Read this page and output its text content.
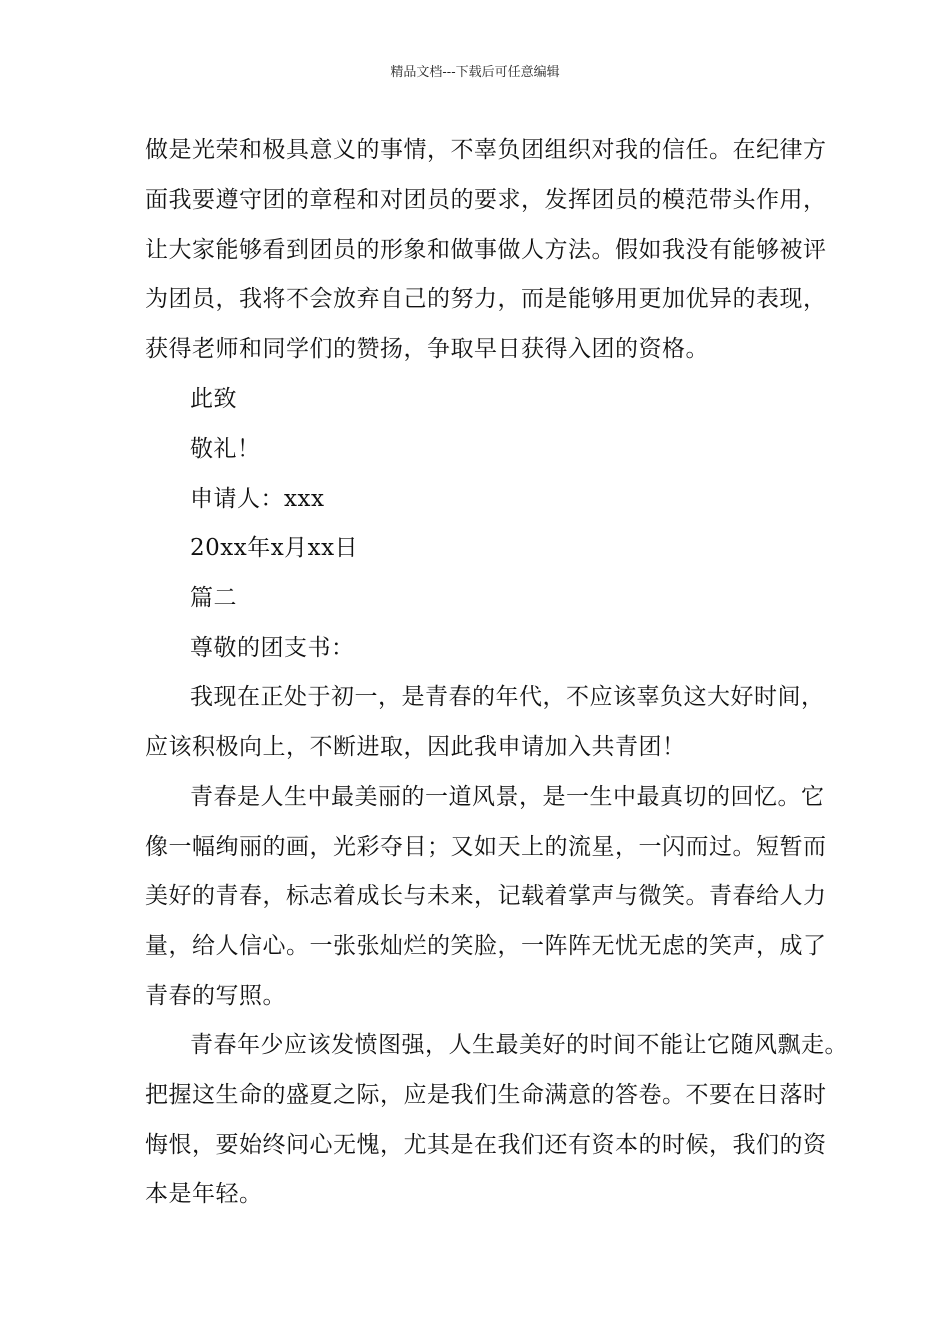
精品文档---下载后可任意编辑
做是光荣和极具意义的事情，不辜负团组织对我的信任。在纪律方
面我要遵守团的章程和对团员的要求，发挥团员的模范带头作用，
让大家能够看到团员的形象和做事做人方法。假如我没有能够被评
为团员，我将不会放弃自己的努力，而是能够用更加优异的表现，
获得老师和同学们的赞扬，争取早日获得入团的资格。
此致
敬礼！
申请人：xxx
20xx年x月xx日
篇二
尊敬的团支书：
我现在正处于初一，是青春的年代，不应该辜负这大好时间，
应该积极向上，不断进取，因此我申请加入共青团！
青春是人生中最美丽的一道风景，是一生中最真切的回忆。它
像一幅绚丽的画，光彩夺目；又如天上的流星，一闪而过。短暂而
美好的青春，标志着成长与未来，记载着掌声与微笑。青春给人力
量，给人信心。一张张灿烂的笑脸，一阵阵无忧无虑的笑声，成了
青春的写照。
青春年少应该发愤图强，人生最美好的时间不能让它随风飘走。
把握这生命的盛夏之际，应是我们生命满意的答卷。不要在日落时
悔恨，要始终问心无愧，尤其是在我们还有资本的时候，我们的资
本是年轻。
